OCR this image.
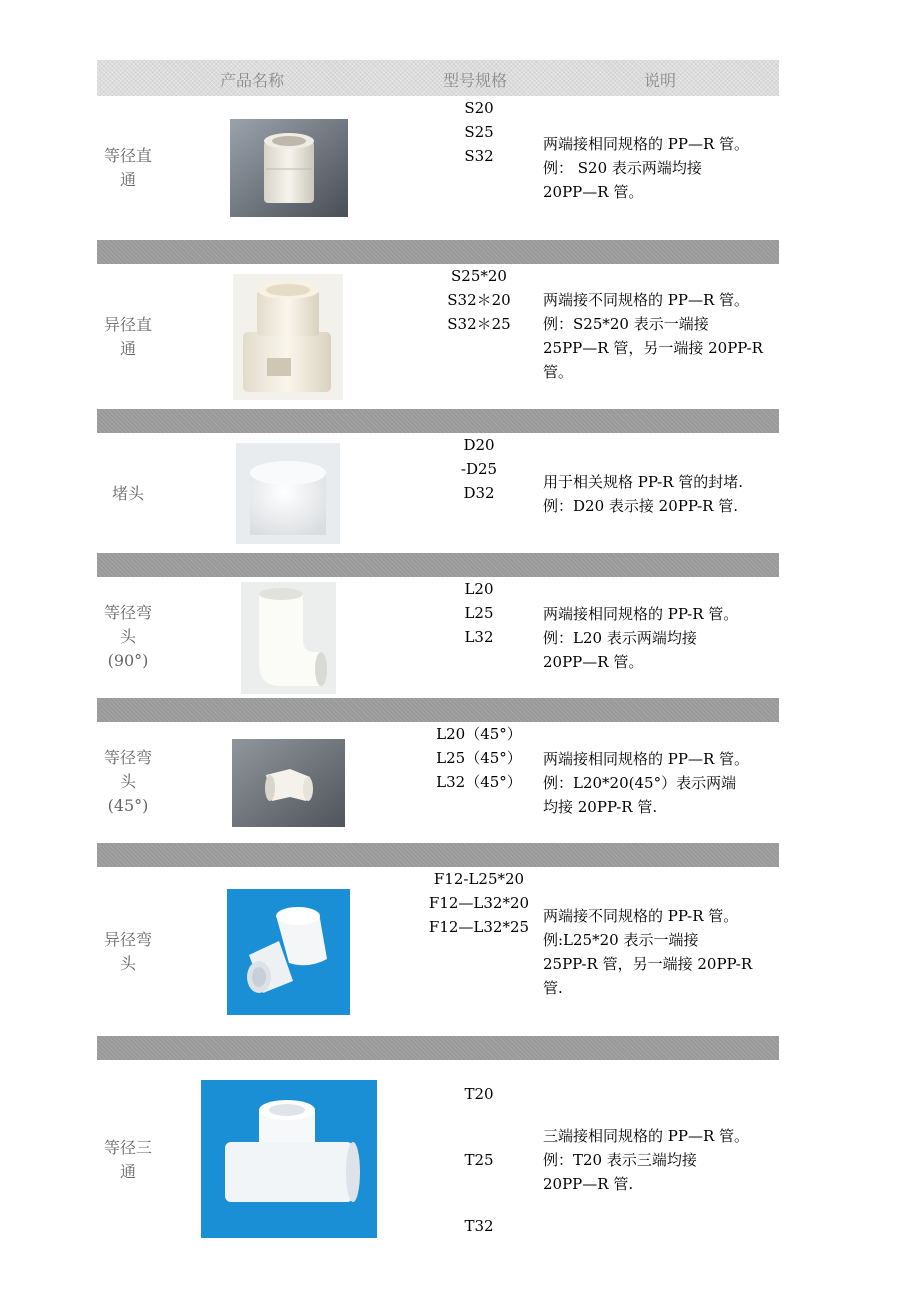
产品名称	型号规格	说明
等径直
通
S20
S25
S32
两端接相同规格的 PP—R 管。
例： S20 表示两端均接
20PP—R 管。
异径直
通
S25*20
S32＊20
S32＊25
两端接不同规格的 PP—R 管。
例：S25*20 表示一端接
25PP—R 管，另一端接 20PP-R
管。
堵头
D20
-D25
D32
用于相关规格 PP-R 管的封堵.
例：D20 表示接 20PP-R 管.
等径弯
头
(90°)
L20
L25
L32
两端接相同规格的 PP-R 管。
例：L20 表示两端均接
20PP—R 管。
等径弯
头
(45°)
L20（45°）
L25（45°）
L32（45°）
两端接相同规格的 PP—R 管。
例：L20*20(45°）表示两端
均接 20PP-R 管.
异径弯
头
F12-L25*20
F12—L32*20
F12—L32*25
两端接不同规格的 PP-R 管。
例:L25*20 表示一端接
25PP-R 管，另一端接 20PP-R
管.
等径三
通
T20
T25
T32
三端接相同规格的 PP—R 管。
例：T20 表示三端均接
20PP—R 管.
